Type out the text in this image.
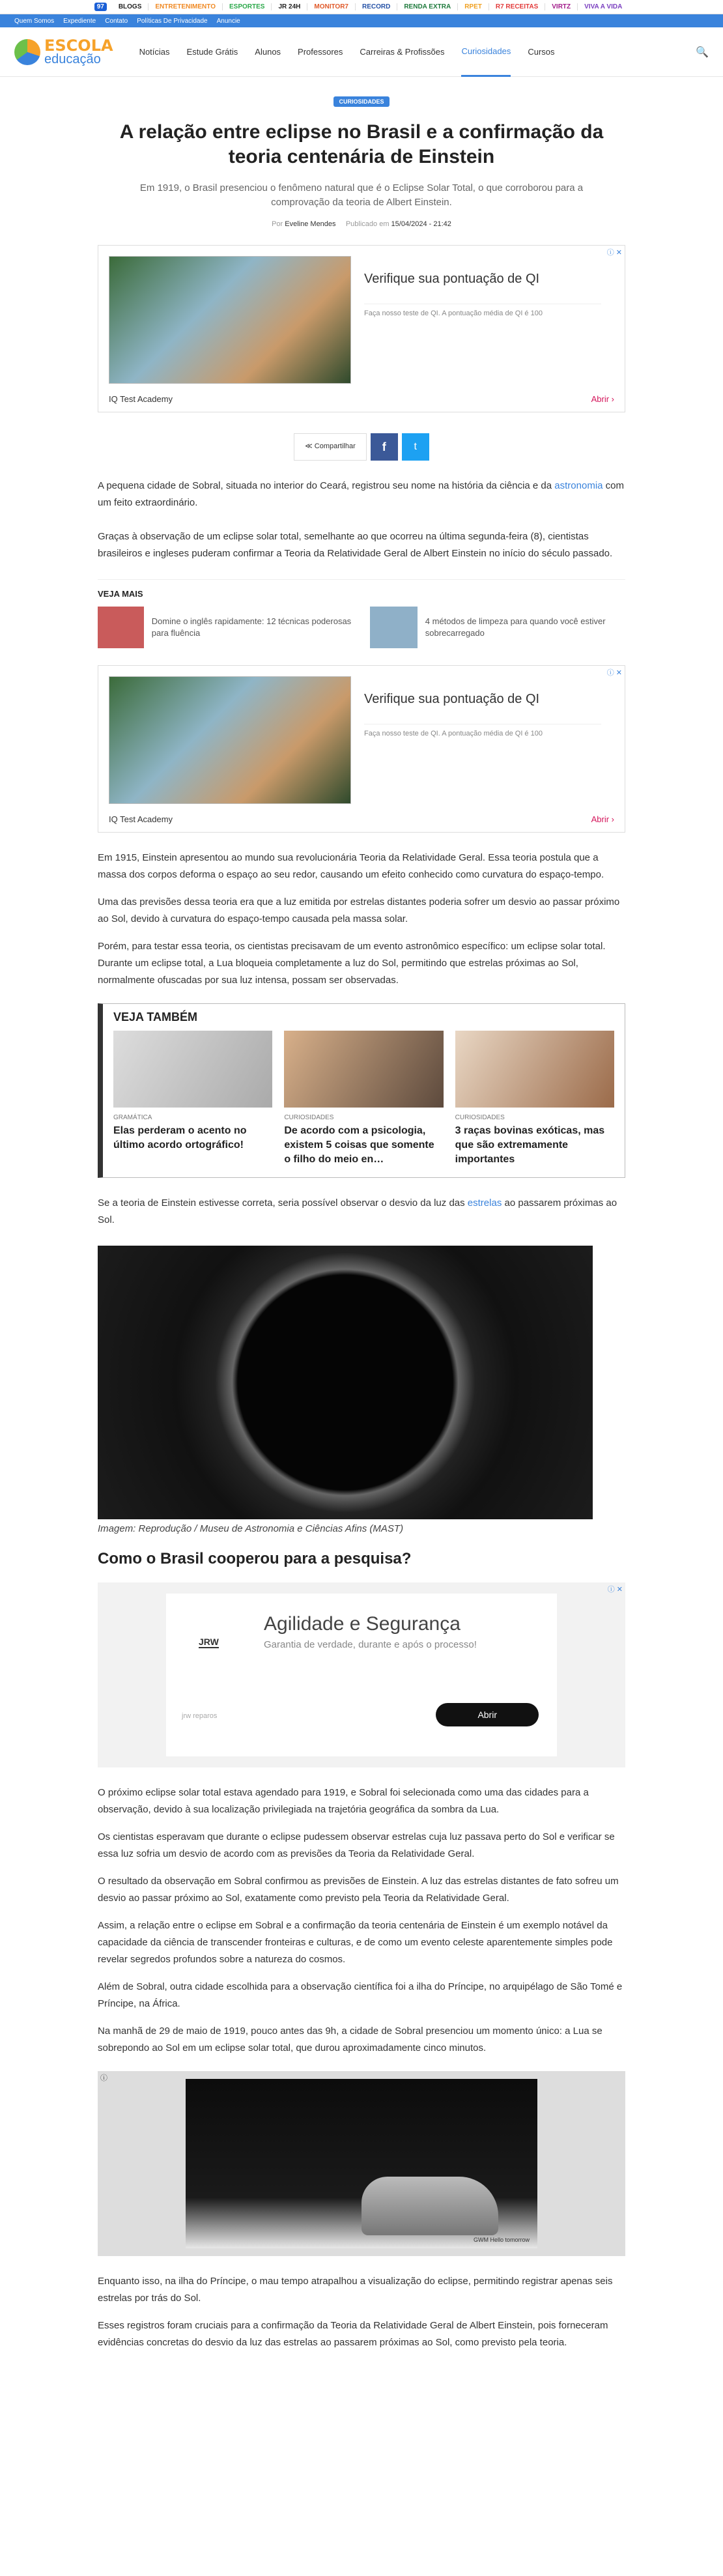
97	BLOGS	ENTRETENIMENTO	ESPORTES	JR 24H	MONITOR7	RECORD	RENDA EXTRA	RPET	R7 RECEITAS	VIRTZ	VIVA A VIDA
Quem Somos Expediente Contato Políticas De Privacidade Anuncie
ESCOLA
educação	Notícias Estude Grátis Alunos Professores Carreiras & Profissões Curiosidades Cursos	🔍
CURIOSIDADES
A relação entre eclipse no Brasil e a confirmação da teoria centenária de Einstein

Em 1919, o Brasil presenciou o fenômeno natural que é o Eclipse Solar Total, o que corroborou para a comprovação da teoria de Albert Einstein.

Por Eveline Mendes Publicado em 15/04/2024 - 21:42
ⓘ ✕
Verifique sua pontuação de QI
Faça nosso teste de QI. A pontuação média de QI é 100
IQ Test Academy	Abrir ›
≪ Compartilhar	f	t

A pequena cidade de Sobral, situada no interior do Ceará, registrou seu nome na história da ciência e da astronomia com um feito extraordinário.

Graças à observação de um eclipse solar total, semelhante ao que ocorreu na última segunda-feira (8), cientistas brasileiros e ingleses puderam confirmar a Teoria da Relatividade Geral de Albert Einstein no início do século passado.

VEJA MAIS
Domine o inglês rapidamente: 12 técnicas poderosas para fluência
4 métodos de limpeza para quando você estiver sobrecarregado
ⓘ ✕
Verifique sua pontuação de QI
Faça nosso teste de QI. A pontuação média de QI é 100
IQ Test Academy	Abrir ›

Em 1915, Einstein apresentou ao mundo sua revolucionária Teoria da Relatividade Geral. Essa teoria postula que a massa dos corpos deforma o espaço ao seu redor, causando um efeito conhecido como curvatura do espaço-tempo.

Uma das previsões dessa teoria era que a luz emitida por estrelas distantes poderia sofrer um desvio ao passar próximo ao Sol, devido à curvatura do espaço-tempo causada pela massa solar.

Porém, para testar essa teoria, os cientistas precisavam de um evento astronômico específico: um eclipse solar total. Durante um eclipse total, a Lua bloqueia completamente a luz do Sol, permitindo que estrelas próximas ao Sol, normalmente ofuscadas por sua luz intensa, possam ser observadas.

VEJA TAMBÉM
GRAMÁTICA
Elas perderam o acento no último acordo ortográfico!
CURIOSIDADES
De acordo com a psicologia, existem 5 coisas que somente o filho do meio en…
CURIOSIDADES
3 raças bovinas exóticas, mas que são extremamente importantes

Se a teoria de Einstein estivesse correta, seria possível observar o desvio da luz das estrelas ao passarem próximas ao Sol.

Imagem: Reprodução / Museu de Astronomia e Ciências Afins (MAST)
Como o Brasil cooperou para a pesquisa?
ⓘ ✕
JRW
Agilidade e Segurança
Garantia de verdade, durante e após o processo!
jrw reparos	Abrir

O próximo eclipse solar total estava agendado para 1919, e Sobral foi selecionada como uma das cidades para a observação, devido à sua localização privilegiada na trajetória geográfica da sombra da Lua.

Os cientistas esperavam que durante o eclipse pudessem observar estrelas cuja luz passava perto do Sol e verificar se essa luz sofria um desvio de acordo com as previsões da Teoria da Relatividade Geral.

O resultado da observação em Sobral confirmou as previsões de Einstein. A luz das estrelas distantes de fato sofreu um desvio ao passar próximo ao Sol, exatamente como previsto pela Teoria da Relatividade Geral.

Assim, a relação entre o eclipse em Sobral e a confirmação da teoria centenária de Einstein é um exemplo notável da capacidade da ciência de transcender fronteiras e culturas, e de como um evento celeste aparentemente simples pode revelar segredos profundos sobre a natureza do cosmos.

Além de Sobral, outra cidade escolhida para a observação científica foi a ilha do Príncipe, no arquipélago de São Tomé e Príncipe, na África.

Na manhã de 29 de maio de 1919, pouco antes das 9h, a cidade de Sobral presenciou um momento único: a Lua se sobrepondo ao Sol em um eclipse solar total, que durou aproximadamente cinco minutos.

ⓘ
GWM Hello tomorrow

Enquanto isso, na ilha do Príncipe, o mau tempo atrapalhou a visualização do eclipse, permitindo registrar apenas seis estrelas por trás do Sol.

Esses registros foram cruciais para a confirmação da Teoria da Relatividade Geral de Albert Einstein, pois forneceram evidências concretas do desvio da luz das estrelas ao passarem próximas ao Sol, como previsto pela teoria.
